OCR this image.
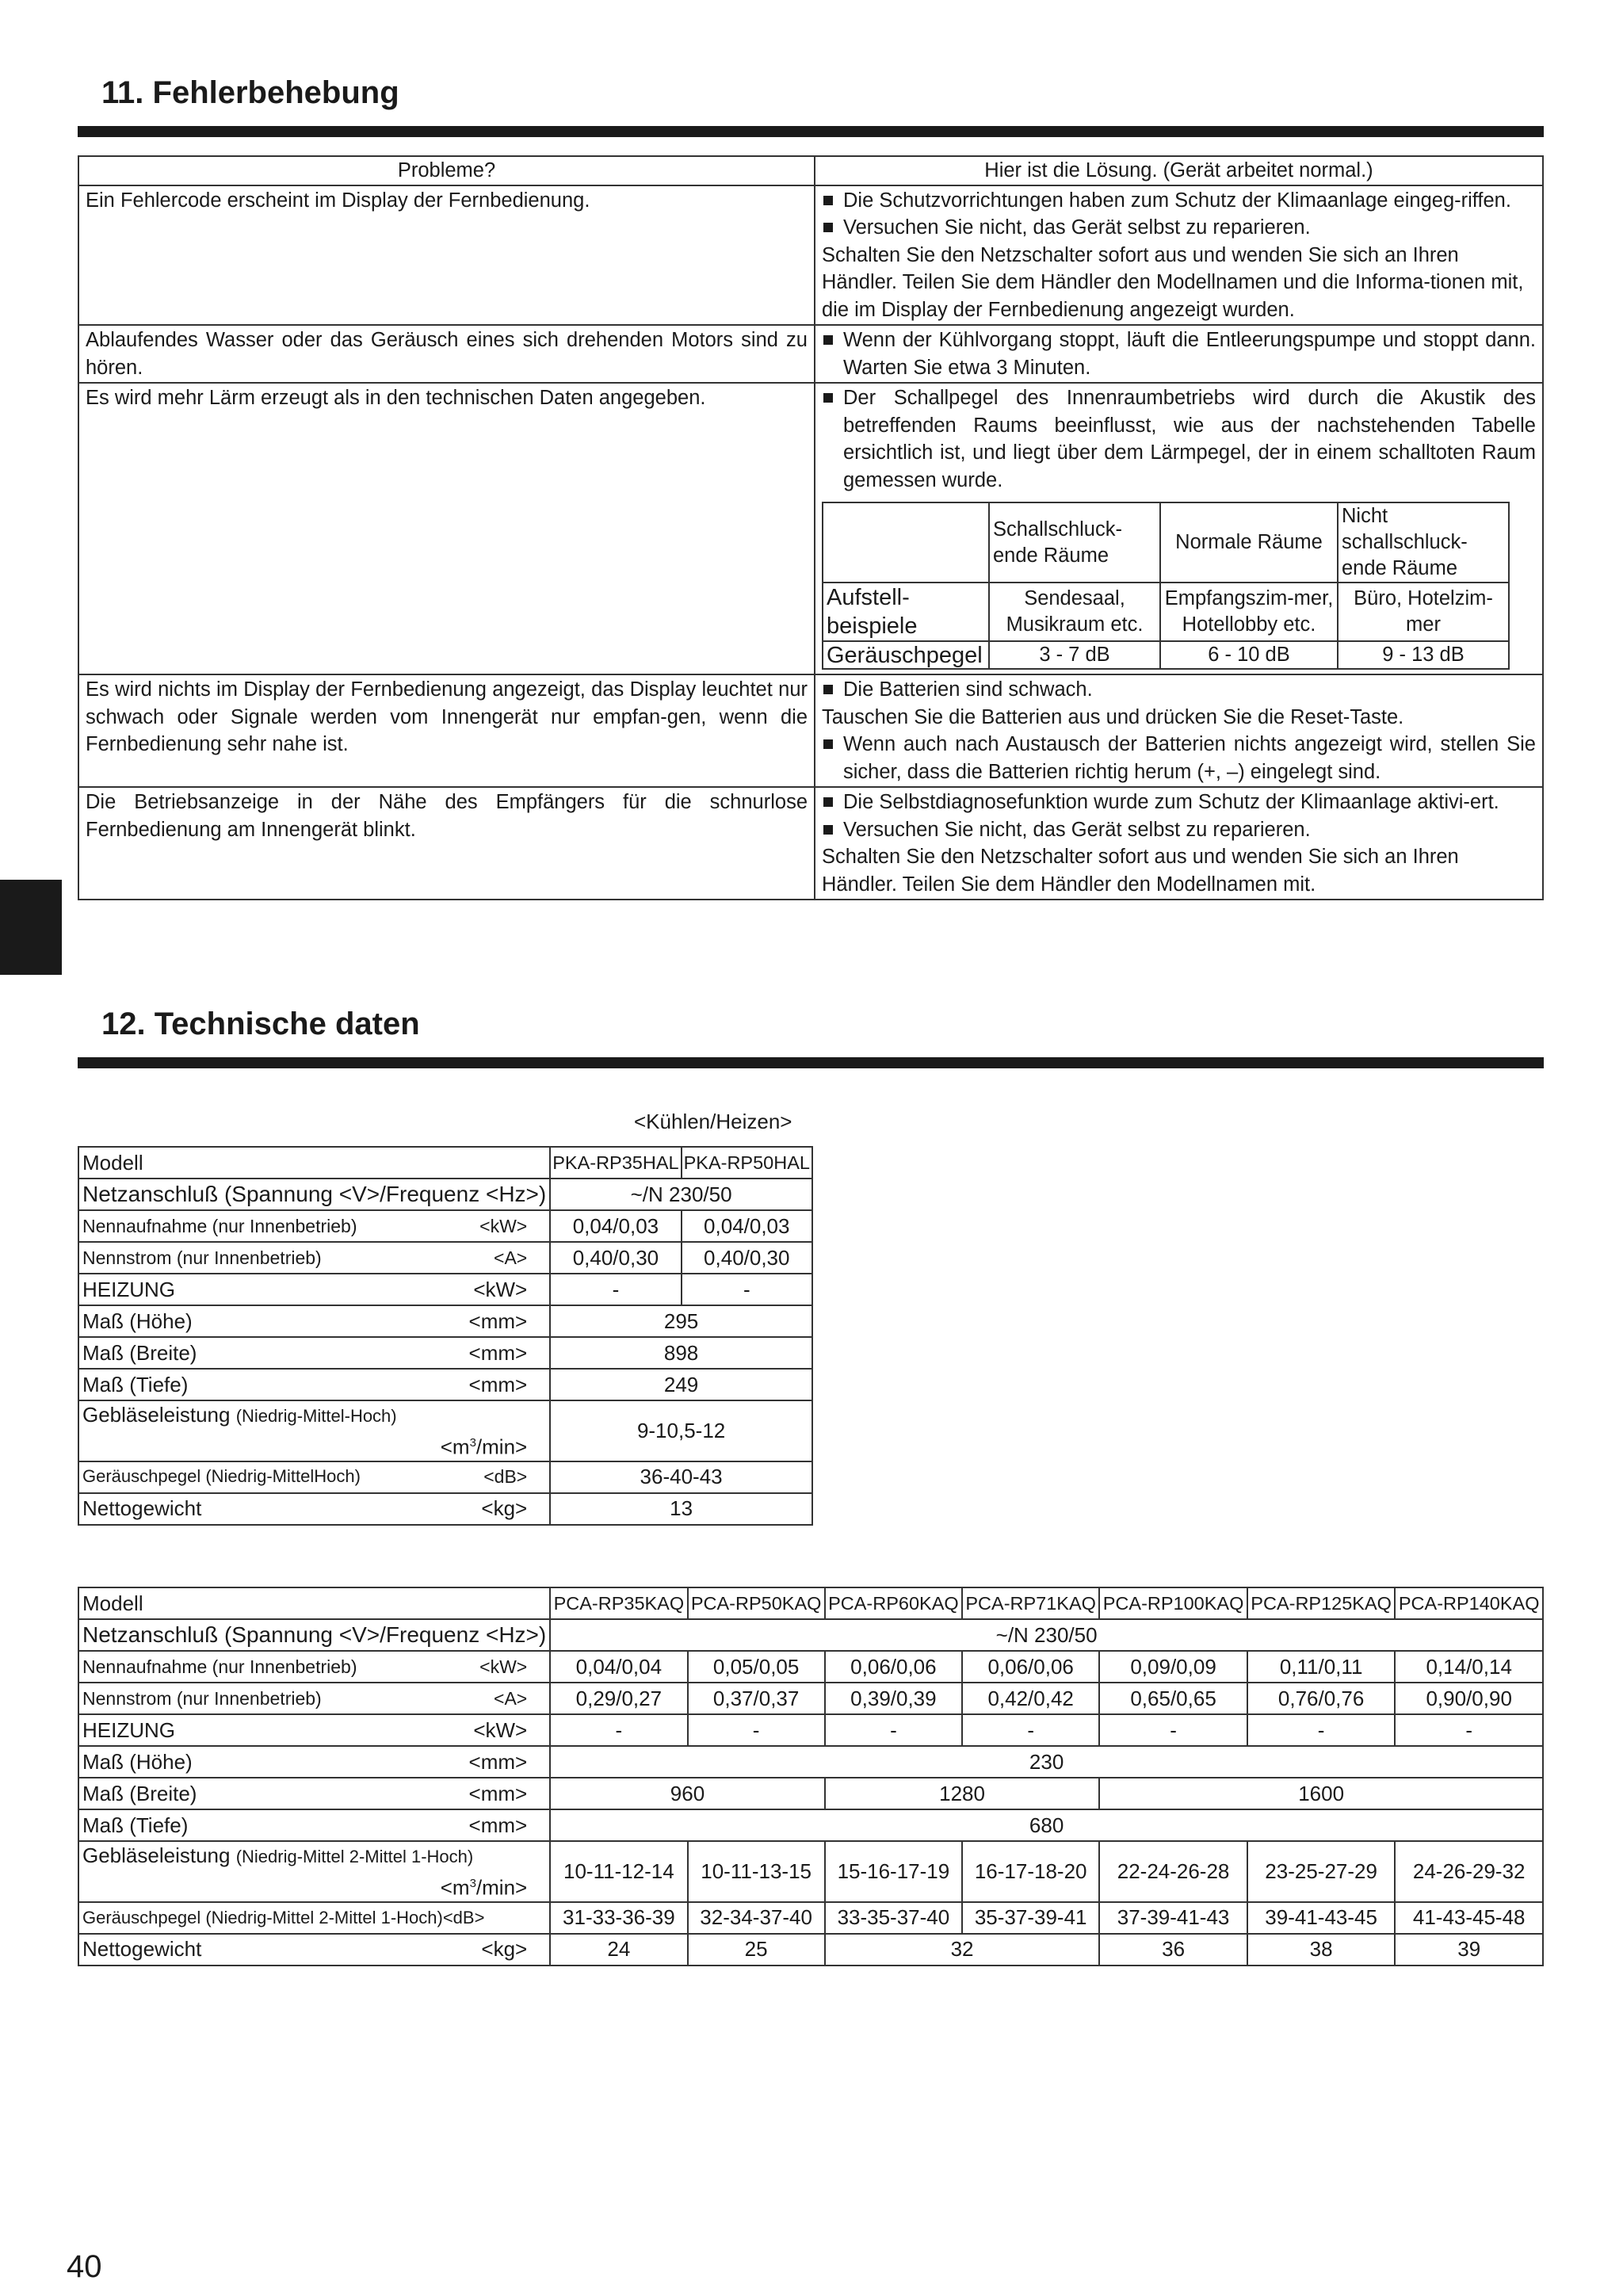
11. Fehlerbehebung
Probleme?	Hier ist die Lösung. (Gerät arbeitet normal.)
Ein Fehlercode erscheint im Display der Fernbedienung.	Die Schutzvorrichtungen haben zum Schutz der Klimaanlage eingeg-riffen.
Versuchen Sie nicht, das Gerät selbst zu reparieren.
Schalten Sie den Netzschalter sofort aus und wenden Sie sich an Ihren Händler. Teilen Sie dem Händler den Modellnamen und die Informa-tionen mit, die im Display der Fernbedienung angezeigt wurden.

Ablaufendes Wasser oder das Geräusch eines sich drehenden Motors sind zu hören.	
Wenn der Kühlvorgang stoppt, läuft die Entleerungspumpe und stoppt dann. Warten Sie etwa 3 Minuten.

Es wird mehr Lärm erzeugt als in den technischen Daten angegeben.	Der Schallpegel des Innenraumbetriebs wird durch die Akustik des betreffenden Raums beeinflusst, wie aus der nachstehenden Tabelle ersichtlich ist, und liegt über dem Lärmpegel, der in einem schalltoten Raum gemessen wurde.
	Schallschluck-ende Räume	Normale Räume	Nicht schallschluck-ende Räume
Aufstell-beispiele	Sendesaal, Musikraum etc.	Empfangszim-mer, Hotellobby etc.	Büro, Hotelzim-mer
Geräuschpegel	3 - 7 dB	6 - 10 dB	9 - 13 dB

Es wird nichts im Display der Fernbedienung angezeigt, das Display leuchtet nur schwach oder Signale werden vom Innengerät nur empfan-gen, wenn die Fernbedienung sehr nahe ist.	
Die Batterien sind schwach.
Tauschen Sie die Batterien aus und drücken Sie die Reset-Taste.
Wenn auch nach Austausch der Batterien nichts angezeigt wird, stellen Sie sicher, dass die Batterien richtig herum (+, –) eingelegt sind.

Die Betriebsanzeige in der Nähe des Empfängers für die schnurlose Fernbedienung am Innengerät blinkt.	
Die Selbstdiagnosefunktion wurde zum Schutz der Klimaanlage aktivi-ert.
Versuchen Sie nicht, das Gerät selbst zu reparieren.
Schalten Sie den Netzschalter sofort aus und wenden Sie sich an Ihren Händler. Teilen Sie dem Händler den Modellnamen mit.
12. Technische daten
<Kühlen/Heizen>
Modell	PKA-RP35HAL	PKA-RP50HAL
Netzanschluß (Spannung <V>/Frequenz <Hz>)	~/N 230/50	
Nennaufnahme (nur Innenbetrieb) <kW>	0,04/0,03	0,04/0,03
Nennstrom (nur Innenbetrieb) <A>	0,40/0,30	0,40/0,30
HEIZUNG <kW>	-	-
Maß (Höhe) <mm>	295	
Maß (Breite) <mm>	898	
Maß (Tiefe) <mm>	249	

Gebläseleistung (Niedrig-Mittel-Hoch)
$<m^3/\min>$	9-10,5-12	
Geräuschpegel (Niedrig-MittelHoch) <dB>	36-40-43	
Nettogewicht <kg>	13	
Modell	PCA-RP35KAQ	PCA-RP50KAQ	PCA-RP60KAQ	PCA-RP71KAQ	PCA-RP100KAQ	PCA-RP125KAQ	PCA-RP140KAQ
Netzanschluß (Spannung <V>/Frequenz <Hz>)	~/N 230/50						
Nennaufnahme (nur Innenbetrieb) <kW>	0,04/0,04	0,05/0,05	0,06/0,06	0,06/0,06	0,09/0,09	0,11/0,11	0,14/0,14
Nennstrom (nur Innenbetrieb) <A>	0,29/0,27	0,37/0,37	0,39/0,39	0,42/0,42	0,65/0,65	0,76/0,76	0,90/0,90
HEIZUNG <kW>	-	-	-	-	-	-	-
Maß (Höhe) <mm>	230						
Maß (Breite) <mm>	960		1280		1600		
Maß (Tiefe) <mm>	680						

Gebläseleistung (Niedrig-Mittel 2-Mittel 1-Hoch)
$<m^3/\min>$	10-11-12-14	10-11-13-15	15-16-17-19	16-17-18-20	22-24-26-28	23-25-27-29	24-26-29-32
Geräuschpegel (Niedrig-Mittel 2-Mittel 1-Hoch)<dB>	31-33-36-39	32-34-37-40	33-35-37-40	35-37-39-41	37-39-41-43	39-41-43-45	41-43-45-48
Nettogewicht <kg>	24	25	32		36	38	39
40
